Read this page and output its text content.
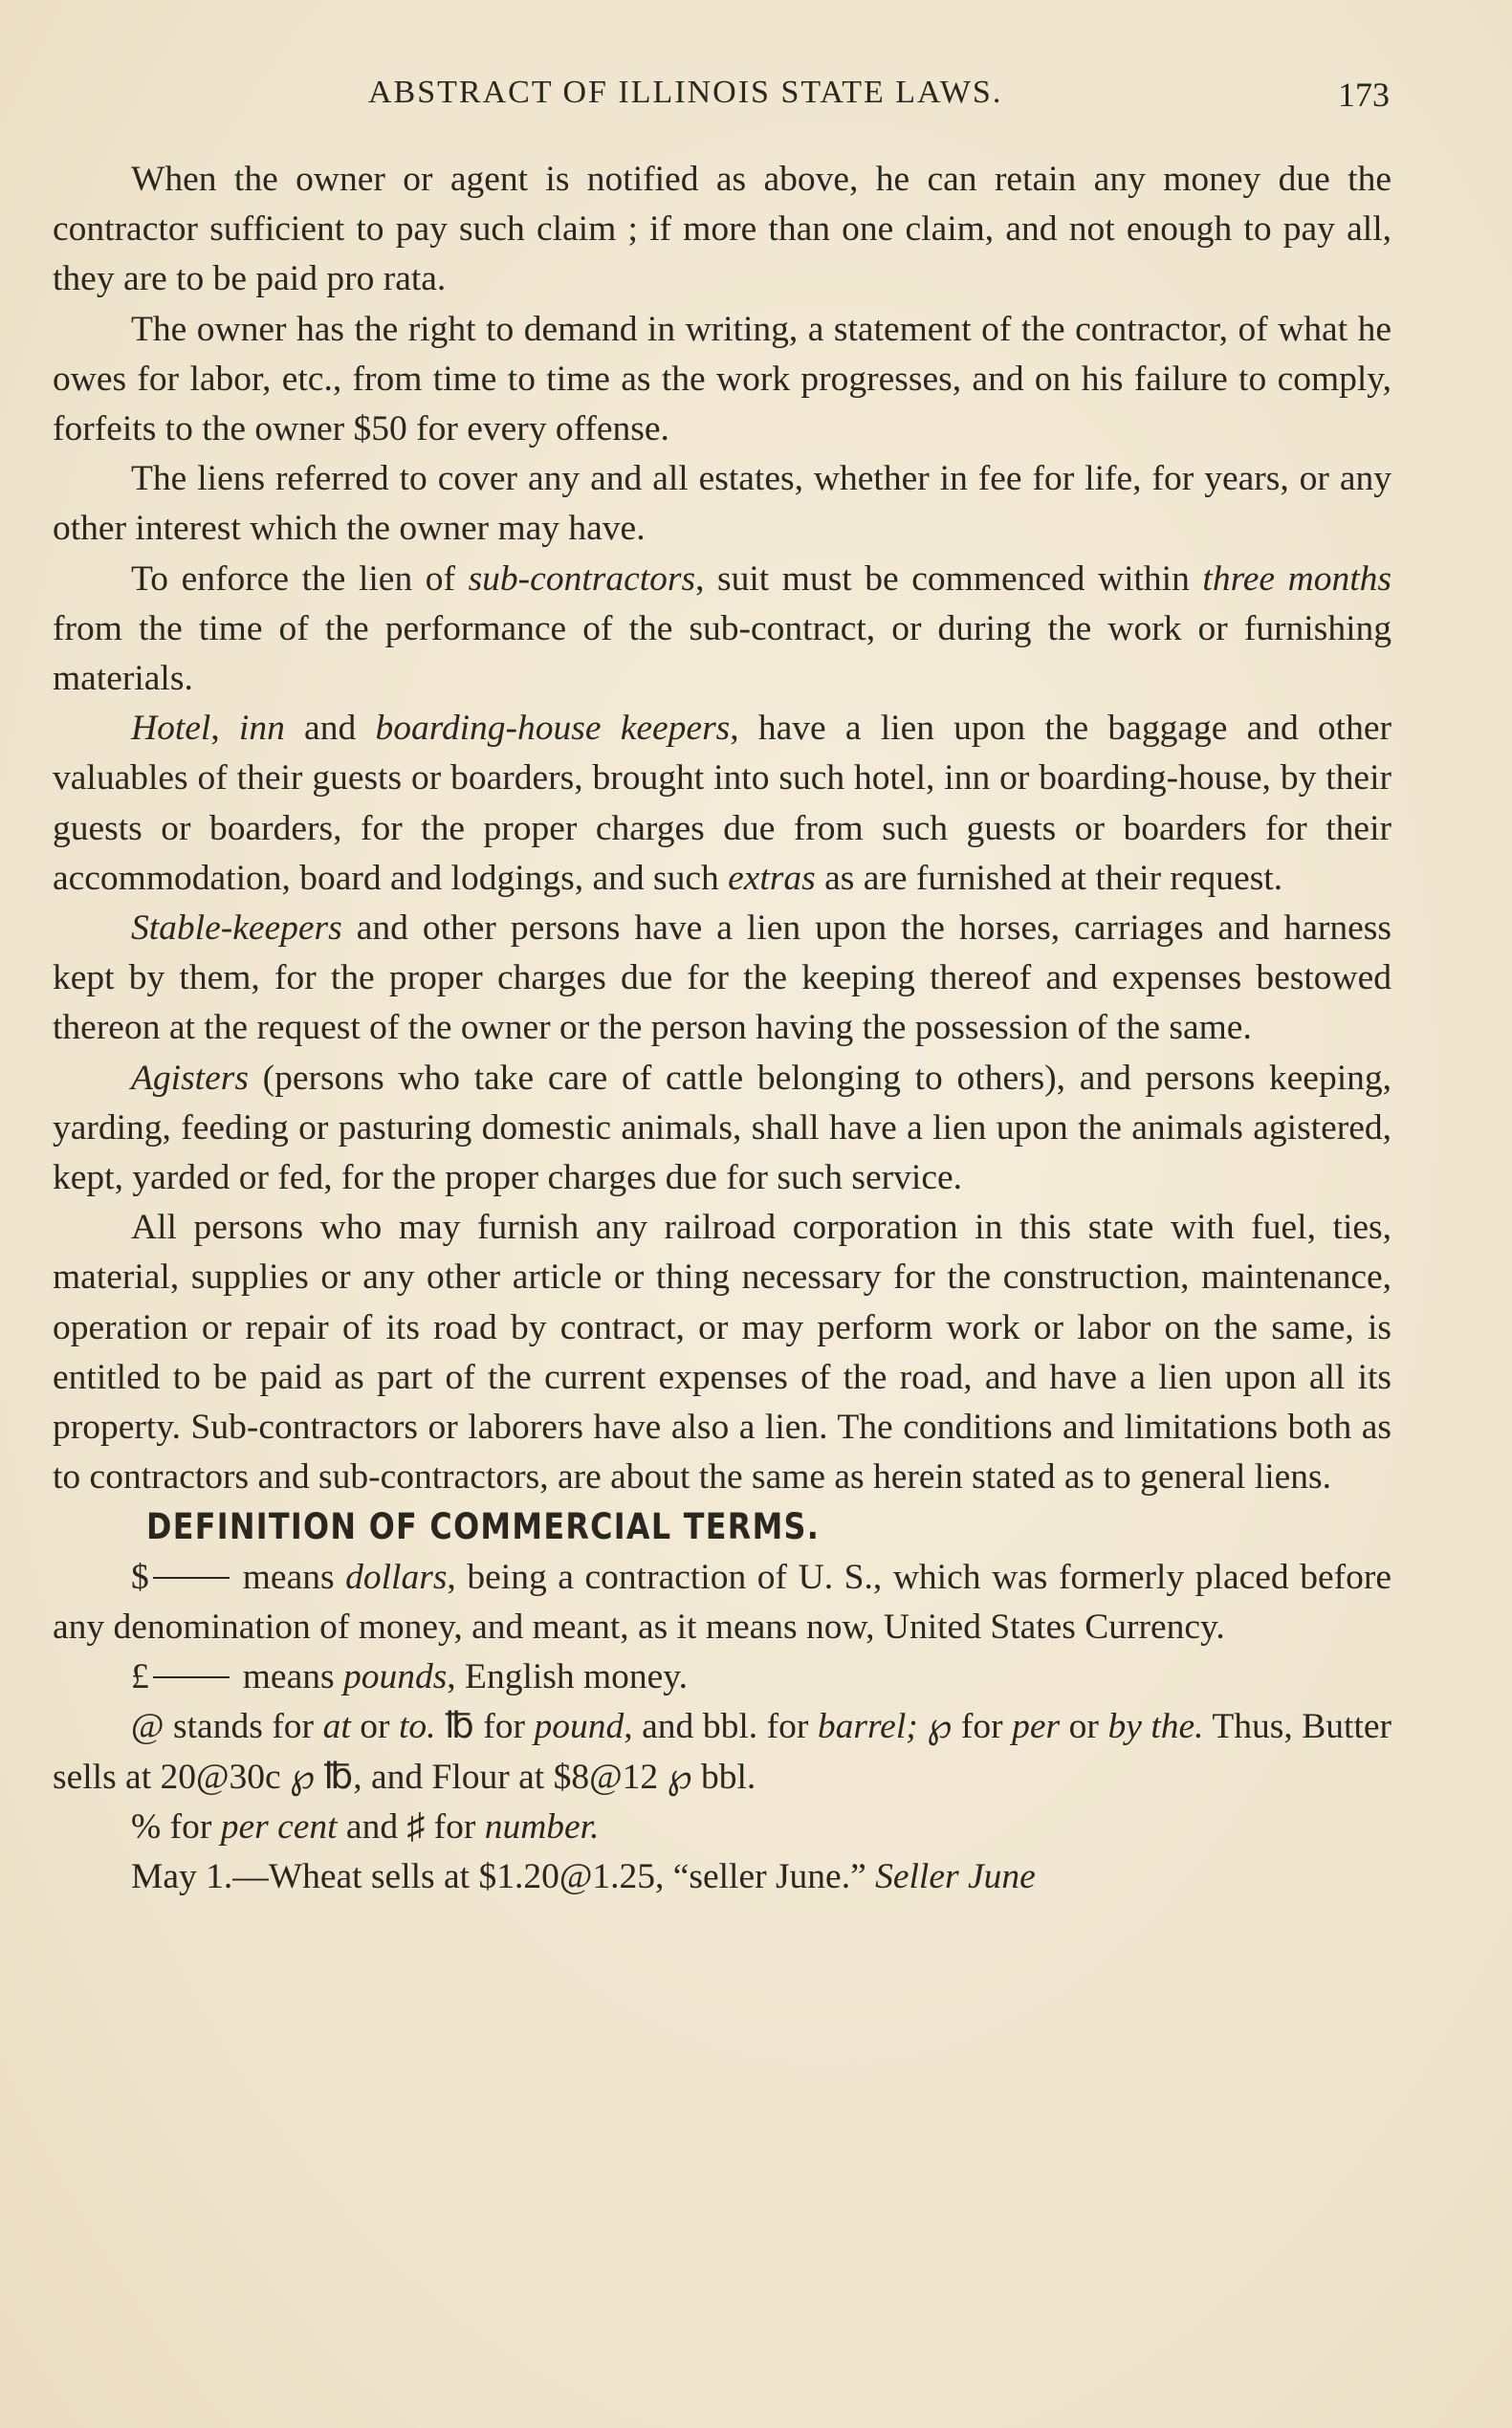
ABSTRACT OF ILLINOIS STATE LAWS.	173

When the owner or agent is notified as above, he can retain any money due the contractor sufficient to pay such claim ; if more than one claim, and not enough to pay all, they are to be paid pro rata.

The owner has the right to demand in writing, a statement of the contractor, of what he owes for labor, etc., from time to time as the work progresses, and on his failure to comply, forfeits to the owner $50 for every offense.

The liens referred to cover any and all estates, whether in fee for life, for years, or any other interest which the owner may have.

To enforce the lien of sub-contractors, suit must be commenced within three months from the time of the performance of the sub-contract, or during the work or furnishing materials.

Hotel, inn and boarding-house keepers, have a lien upon the baggage and other valuables of their guests or boarders, brought into such hotel, inn or boarding-house, by their guests or boarders, for the proper charges due from such guests or boarders for their accommodation, board and lodgings, and such extras as are furnished at their request.

Stable-keepers and other persons have a lien upon the horses, carriages and harness kept by them, for the proper charges due for the keeping thereof and expenses bestowed thereon at the request of the owner or the person having the possession of the same.

Agisters (persons who take care of cattle belonging to others), and persons keeping, yarding, feeding or pasturing domestic animals, shall have a lien upon the animals agistered, kept, yarded or fed, for the proper charges due for such service.

All persons who may furnish any railroad corporation in this state with fuel, ties, material, supplies or any other article or thing necessary for the construction, maintenance, operation or repair of its road by contract, or may perform work or labor on the same, is entitled to be paid as part of the current expenses of the road, and have a lien upon all its property. Sub-contractors or laborers have also a lien. The conditions and limitations both as to contractors and sub-contractors, are about the same as herein stated as to general liens.

DEFINITION OF COMMERCIAL TERMS.

$	means dollars, being a contraction of U. S., which was formerly placed before any denomination of money, and meant, as it means now, United States Currency.

£	means pounds, English money.

@ stands for at or to. ℔ for pound, and bbl. for barrel; ℘ for per or by the. Thus, Butter sells at 20@30c ℘ ℔, and Flour at $8@12 ℘ bbl.

% for per cent and ♯ for number.

May 1.—Wheat sells at $1.20@1.25, “seller June.” Seller June
